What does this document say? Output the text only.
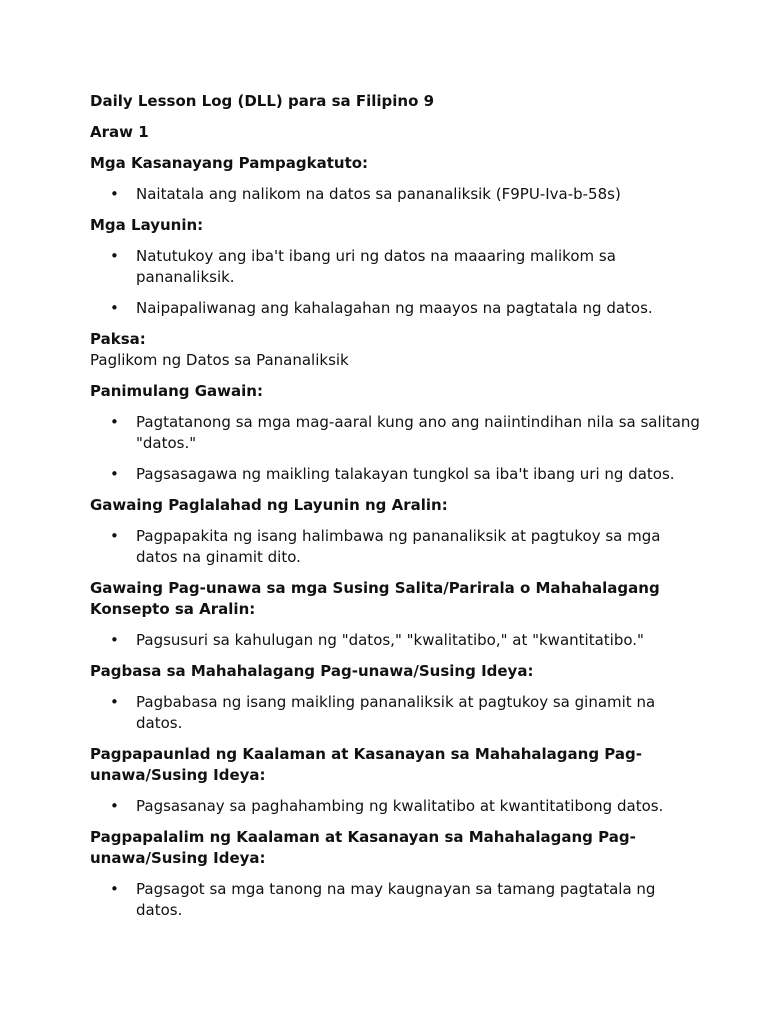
Daily Lesson Log (DLL) para sa Filipino 9

Araw 1

Mga Kasanayang Pampagkatuto:

• Naitatala ang nalikom na datos sa pananaliksik (F9PU-Iva-b-58s)

Mga Layunin:

• Natutukoy ang iba't ibang uri ng datos na maaaring malikom sa pananaliksik.
• Naipapaliwanag ang kahalagahan ng maayos na pagtatala ng datos.

Paksa:

Paglikom ng Datos sa Pananaliksik

Panimulang Gawain:

• Pagtatanong sa mga mag-aaral kung ano ang naiintindihan nila sa salitang "datos."
• Pagsasagawa ng maikling talakayan tungkol sa iba't ibang uri ng datos.

Gawaing Paglalahad ng Layunin ng Aralin:

• Pagpapakita ng isang halimbawa ng pananaliksik at pagtukoy sa mga datos na ginamit dito.

Gawaing Pag-unawa sa mga Susing Salita/Parirala o Mahahalagang Konsepto sa Aralin:

• Pagsusuri sa kahulugan ng "datos," "kwalitatibo," at "kwantitatibo."

Pagbasa sa Mahahalagang Pag-unawa/Susing Ideya:

• Pagbabasa ng isang maikling pananaliksik at pagtukoy sa ginamit na datos.

Pagpapaunlad ng Kaalaman at Kasanayan sa Mahahalagang Pag-unawa/Susing Ideya:

• Pagsasanay sa paghahambing ng kwalitatibo at kwantitatibong datos.

Pagpapalalim ng Kaalaman at Kasanayan sa Mahahalagang Pag-unawa/Susing Ideya:

• Pagsagot sa mga tanong na may kaugnayan sa tamang pagtatala ng datos.
